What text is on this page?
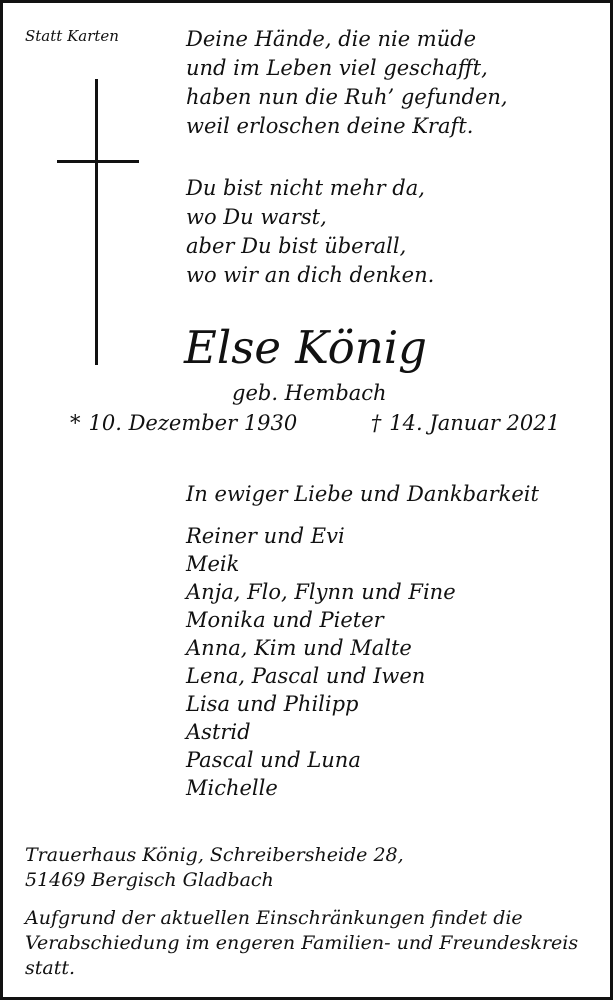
Statt Karten	Deine Hände, die nie müde
und im Leben viel geschafft,
haben nun die Ruh’ gefunden,
weil erloschen deine Kraft.
Du bist nicht mehr da,
wo Du warst,
aber Du bist überall,
wo wir an dich denken.
Else König
geb. Hembach
* 10. Dezember 1930	† 14. Januar 2021
In ewiger Liebe und Dankbarkeit
Reiner und Evi
Meik
Anja, Flo, Flynn und Fine
Monika und Pieter
Anna, Kim und Malte
Lena, Pascal und Iwen
Lisa und Philipp
Astrid
Pascal und Luna
Michelle
Trauerhaus König, Schreibersheide 28,
51469 Bergisch Gladbach
Aufgrund der aktuellen Einschränkungen findet die
Verabschiedung im engeren Familien- und Freundeskreis
statt.
